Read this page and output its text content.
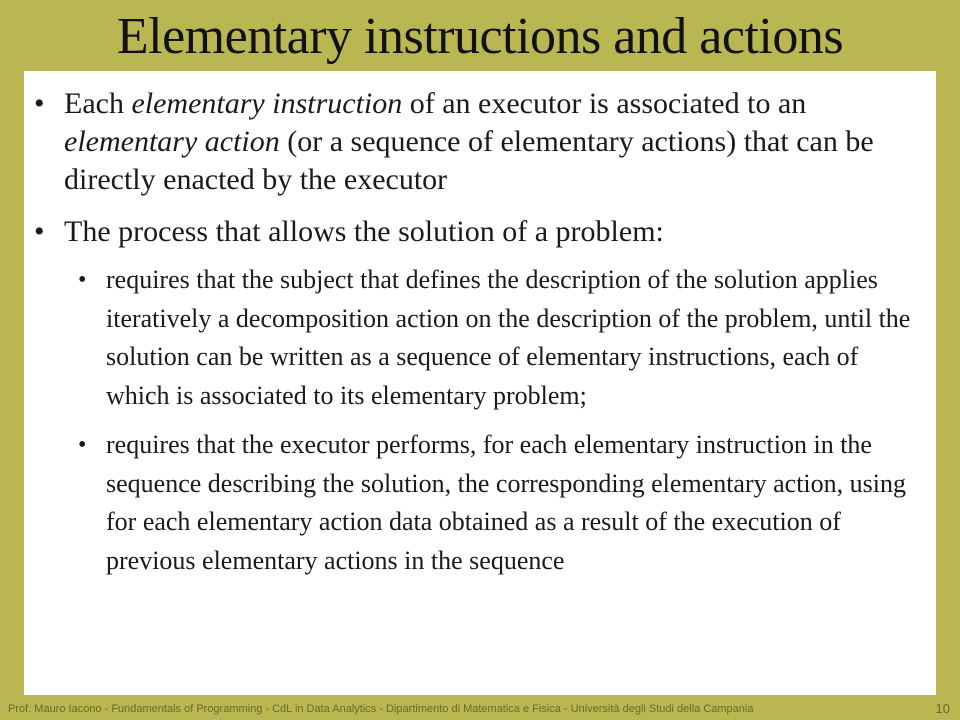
Elementary instructions and actions
• Each elementary instruction of an executor is associated to an elementary action (or a sequence of elementary actions) that can be directly enacted by the executor
• The process that allows the solution of a problem:
• requires that the subject that defines the description of the solution applies iteratively a decomposition action on the description of the problem, until the solution can be written as a sequence of elementary instructions, each of which is associated to its elementary problem;
• requires that the executor performs, for each elementary instruction in the sequence describing the solution, the corresponding elementary action, using for each elementary action data obtained as a result of the execution of previous elementary actions in the sequence
Prof. Mauro Iacono - Fundamentals of Programming - CdL in Data Analytics - Dipartimento di Matematica e Fisica - Università degli Studi della Campania	10
